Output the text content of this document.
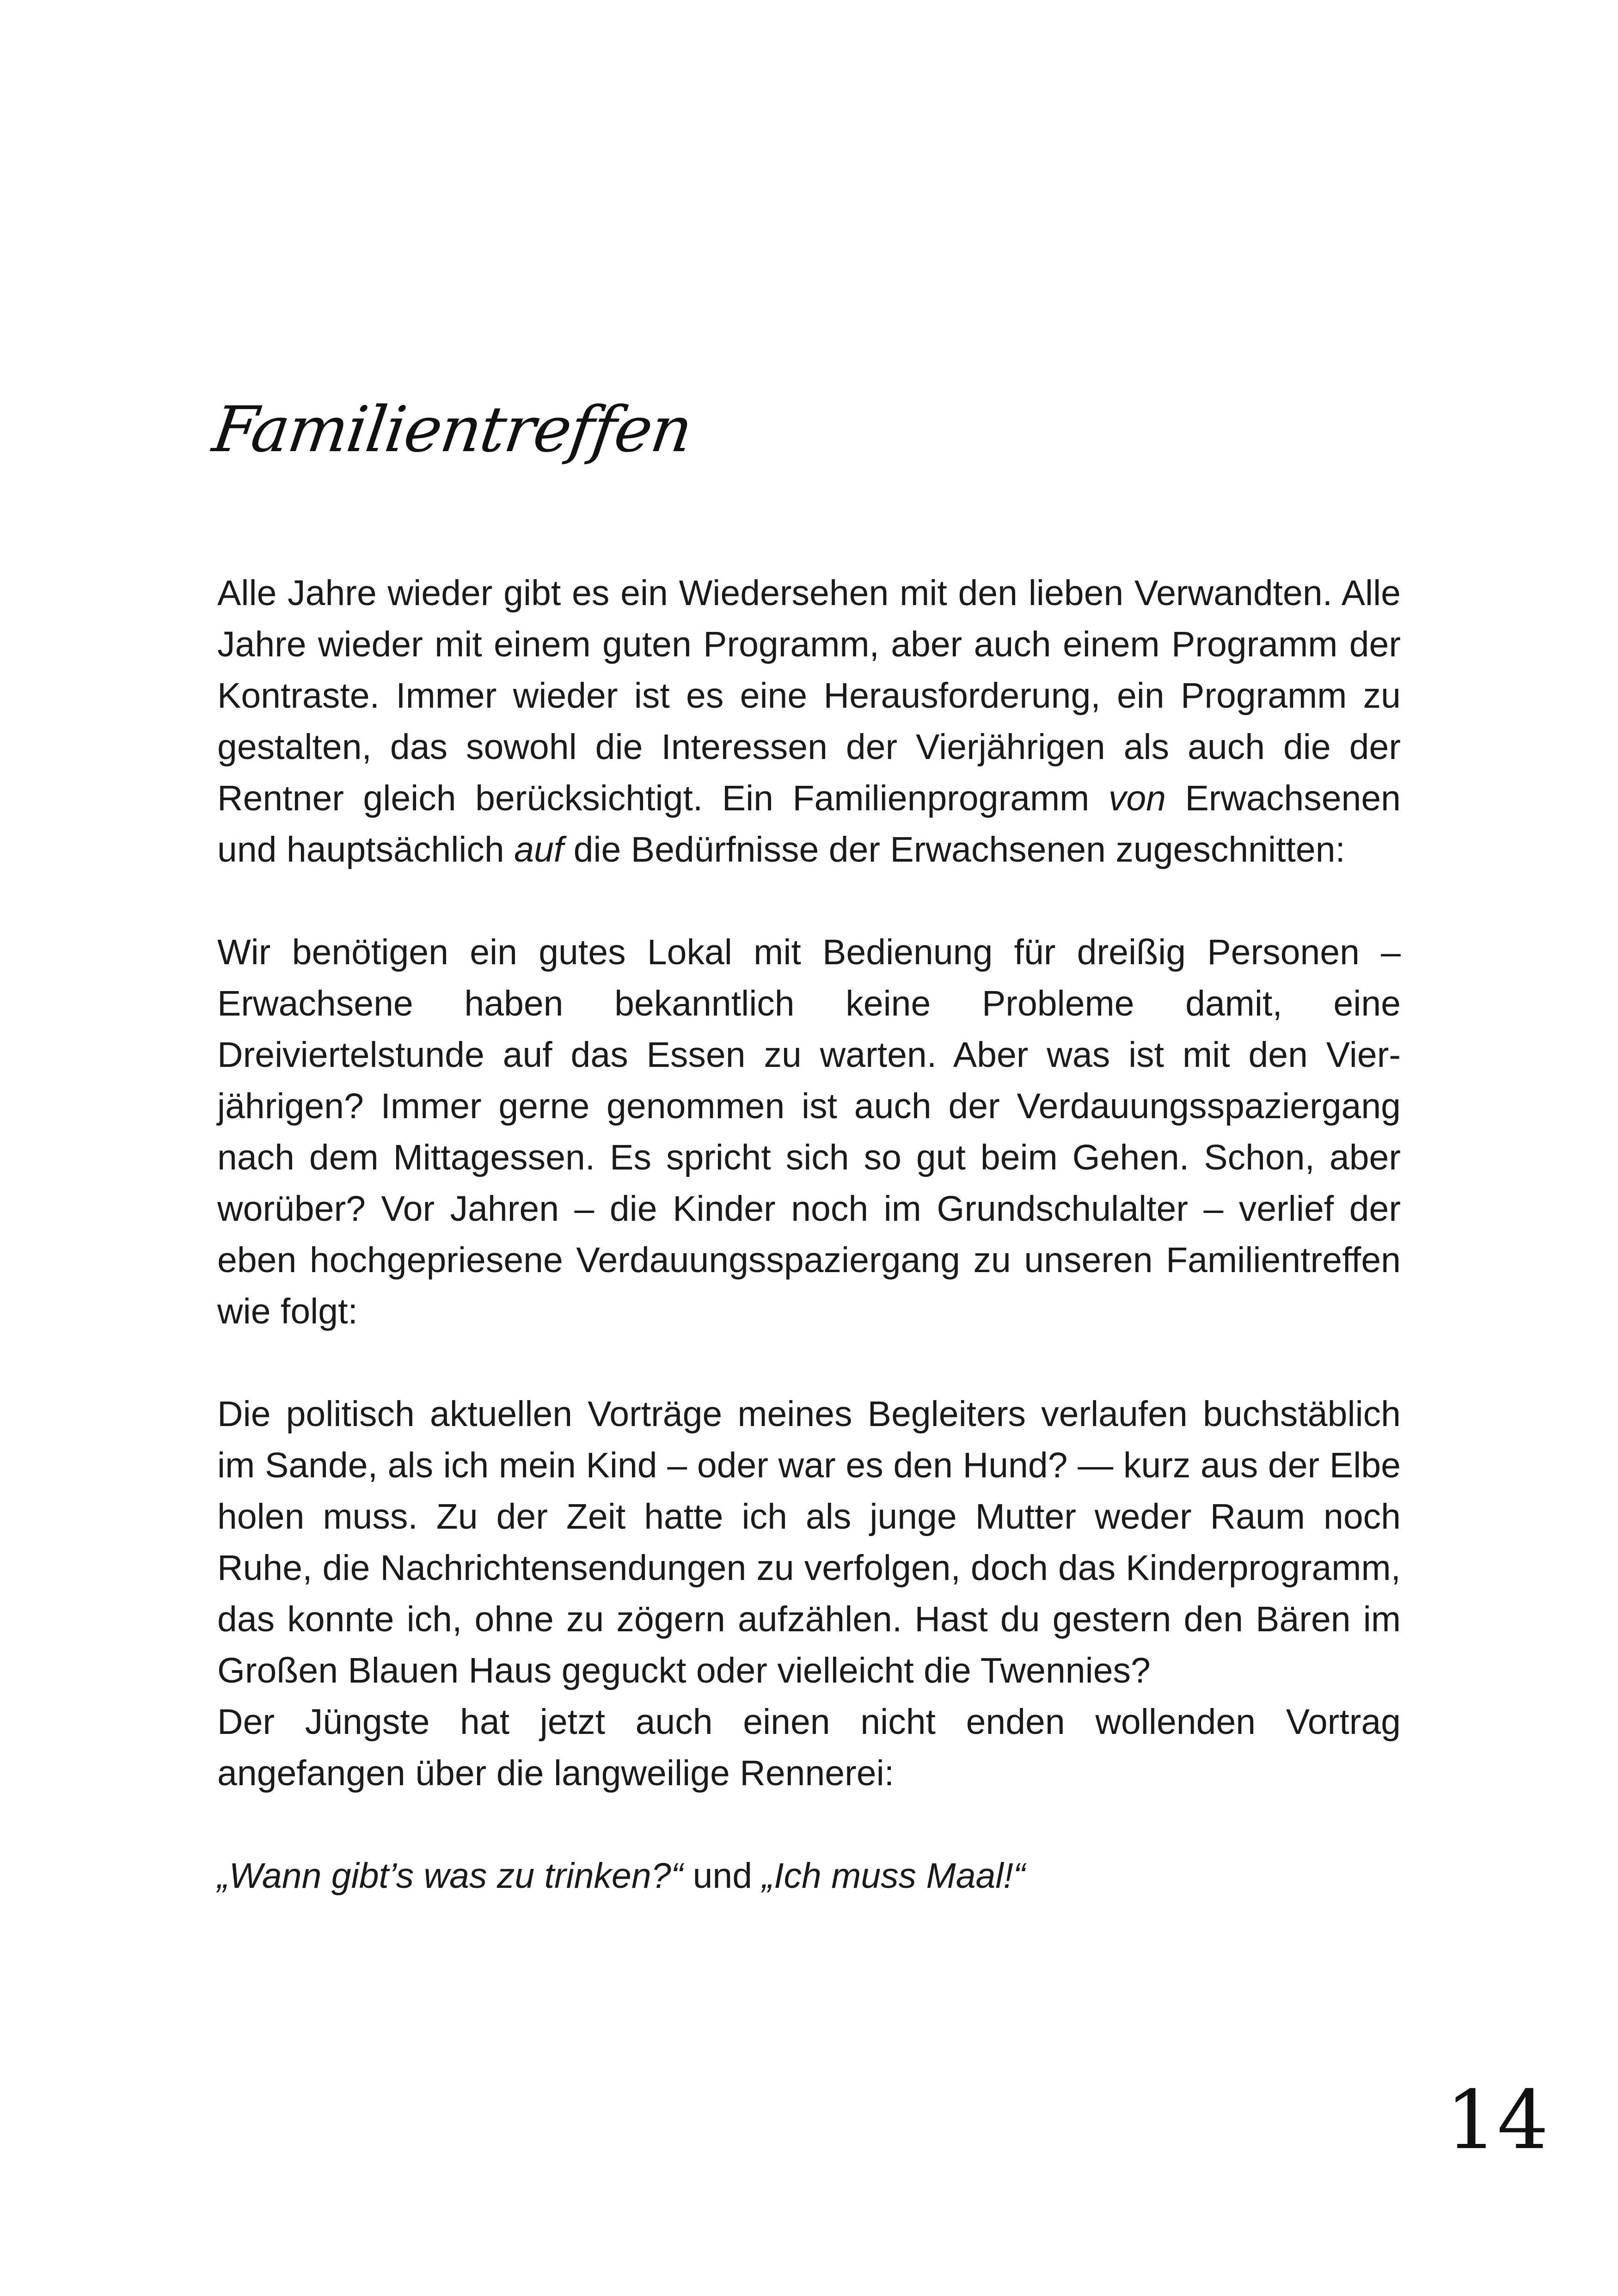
Familientreffen

Alle Jahre wieder gibt es ein Wiedersehen mit den lieben Verwandten. Alle Jahre wieder mit einem guten Programm, aber auch einem Programm der Kontraste. Immer wieder ist es eine Herausforderung, ein Programm zu gestalten, das sowohl die Interessen der Vierjährigen als auch die der Rentner gleich berücksichtigt. Ein Familienprogramm von Erwachsenen und hauptsächlich auf die Bedürfnisse der Erwachsenen zugeschnitten:

Wir benötigen ein gutes Lokal mit Bedienung für dreißig Personen – Erwachsene haben bekanntlich keine Probleme damit, eine Dreiviertelstunde auf das Essen zu warten. Aber was ist mit den Vierjährigen? Immer gerne genommen ist auch der Verdauungsspaziergang nach dem Mittagessen. Es spricht sich so gut beim Gehen. Schon, aber worüber? Vor Jahren – die Kinder noch im Grundschulalter – verlief der eben hochgepriesene Verdauungsspaziergang zu unseren Familientreffen wie folgt:

Die politisch aktuellen Vorträge meines Begleiters verlaufen buchstäblich im Sande, als ich mein Kind – oder war es den Hund? — kurz aus der Elbe holen muss. Zu der Zeit hatte ich als junge Mutter weder Raum noch Ruhe, die Nachrichtensendungen zu verfolgen, doch das Kinderprogramm, das konnte ich, ohne zu zögern aufzählen. Hast du gestern den Bären im Großen Blauen Haus geguckt oder vielleicht die Twennies?

Der Jüngste hat jetzt auch einen nicht enden wollenden Vortrag angefangen über die langweilige Rennerei:

„Wann gibt’s was zu trinken?“ und „Ich muss Maal!“

14
